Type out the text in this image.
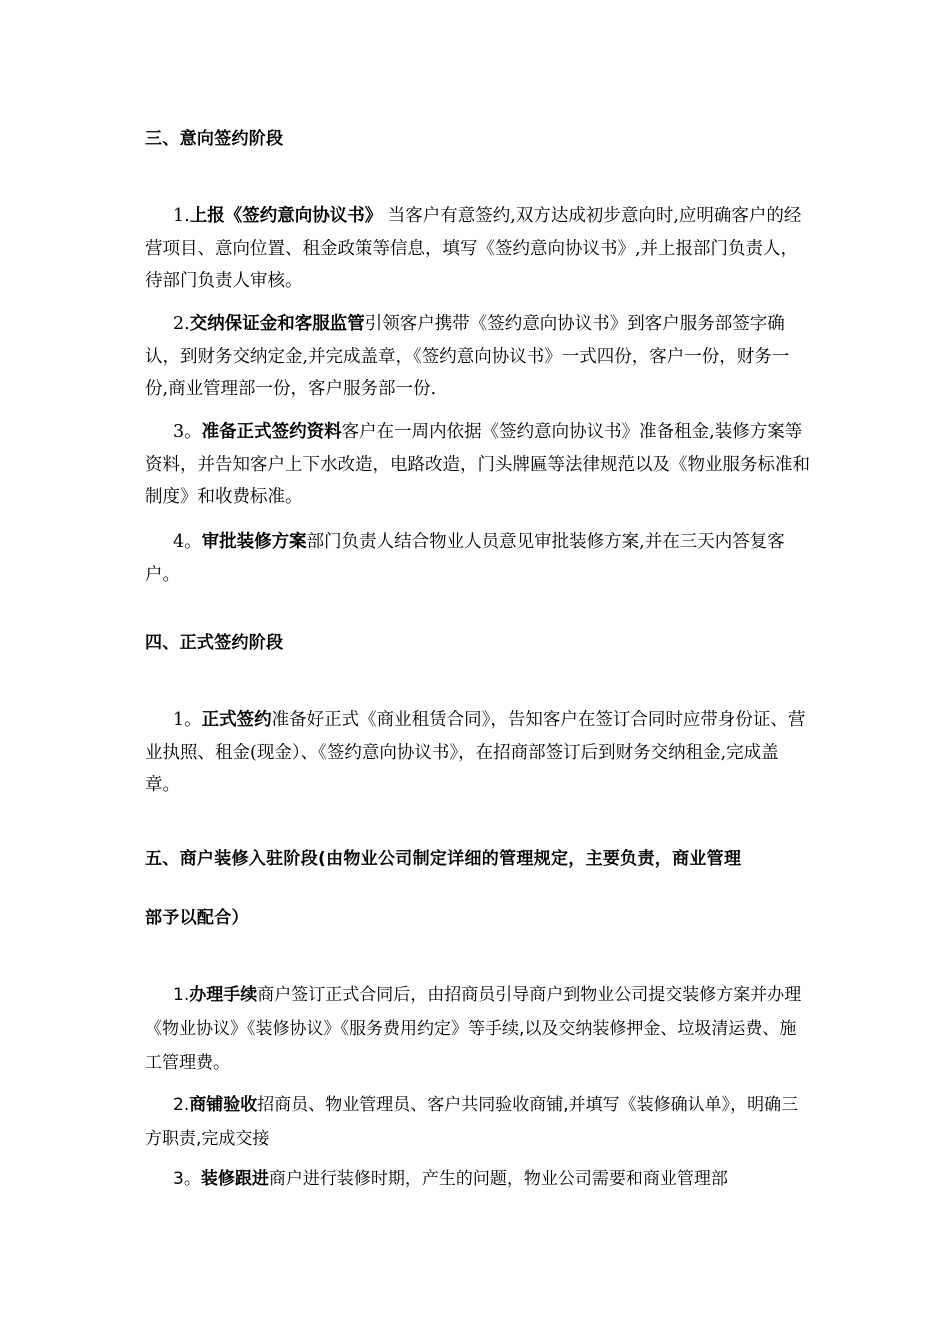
三、意向签约阶段

1.上报《签约意向协议书》 当客户有意签约,双方达成初步意向时,应明确客户的经营项目、意向位置、租金政策等信息，填写《签约意向协议书》,并上报部门负责人，待部门负责人审核。

2.交纳保证金和客服监管引领客户携带《签约意向协议书》到客户服务部签字确认，到财务交纳定金,并完成盖章，《签约意向协议书》一式四份，客户一份，财务一份,商业管理部一份，客户服务部一份.

3。准备正式签约资料客户在一周内依据《签约意向协议书》准备租金,装修方案等资料，并告知客户上下水改造，电路改造，门头牌匾等法律规范以及《物业服务标准和制度》和收费标准。

4。审批装修方案部门负责人结合物业人员意见审批装修方案,并在三天内答复客户。

四、正式签约阶段

1。正式签约准备好正式《商业租赁合同》，告知客户在签订合同时应带身份证、营业执照、租金(现金）、《签约意向协议书》，在招商部签订后到财务交纳租金,完成盖章。

五、商户装修入驻阶段(由物业公司制定详细的管理规定，主要负责，商业管理
部予以配合）

1.办理手续商户签订正式合同后，由招商员引导商户到物业公司提交装修方案并办理《物业协议》《装修协议》《服务费用约定》等手续,以及交纳装修押金、垃圾清运费、施工管理费。

2.商铺验收招商员、物业管理员、客户共同验收商铺,并填写《装修确认单》，明确三方职责,完成交接

3。装修跟进商户进行装修时期，产生的问题，物业公司需要和商业管理部
